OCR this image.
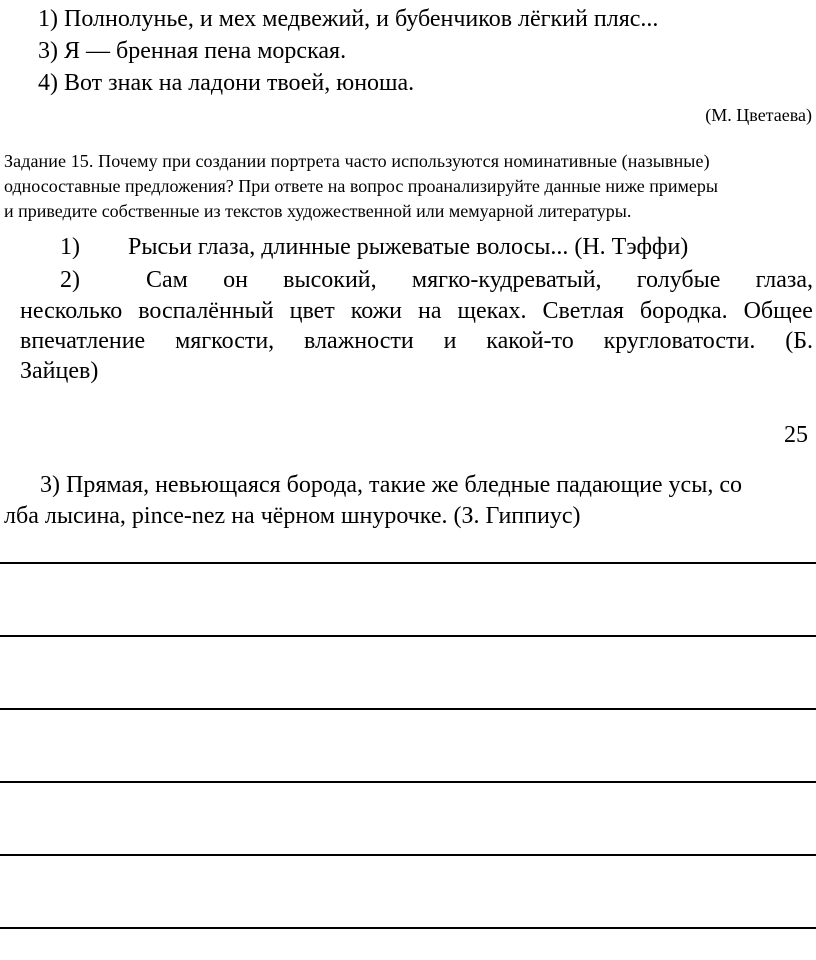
1) Полнолунье, и мех медвежий, и бубенчиков лёгкий пляс...
3) Я — бренная пена морская.
4) Вот знак на ладони твоей, юноша.
(М. Цветаева)
Задание 15. Почему при создании портрета часто используются номинативные (назывные)
односоставные предложения? При ответе на вопрос проанализируйте данные ниже примеры
и приведите собственные из текстов художественной или мемуарной литературы.
1) Рысьи глаза, длинные рыжеватые волосы... (Н. Тэффи)
2)	Сам он высокий, мягко-кудреватый, голубые глаза,
несколько воспалённый цвет кожи на щеках. Светлая бородка. Общее
впечатление мягкости, влажности и какой-то кругловатости. (Б.
Зайцев)
25
3) Прямая, невьющаяся борода, такие же бледные падающие усы, со
лба лысина, pince-nez на чёрном шнурочке. (З. Гиппиус)
